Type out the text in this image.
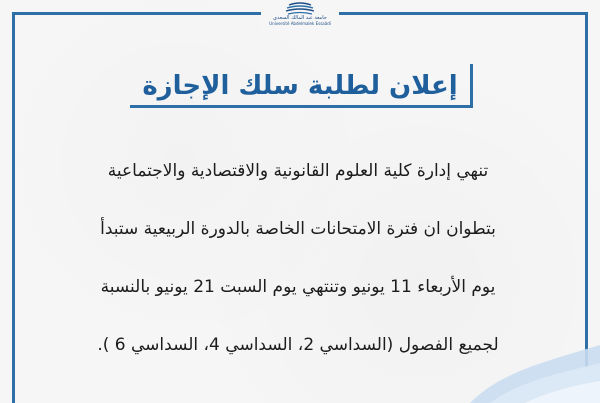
جامعة عبد المالك السعدي
Université Abdelmalek Essaâdi
إعلان لطلبة سلك الإجازة
تنهي إدارة كلية العلوم القانونية والاقتصادية والاجتماعية
بتطوان ان فترة الامتحانات الخاصة بالدورة الربيعية ستبدأ
يوم الأربعاء 11 يونيو وتنتهي يوم السبت 21 يونيو بالنسبة
لجميع الفصول (السداسي 2، السداسي 4، السداسي 6 ).
